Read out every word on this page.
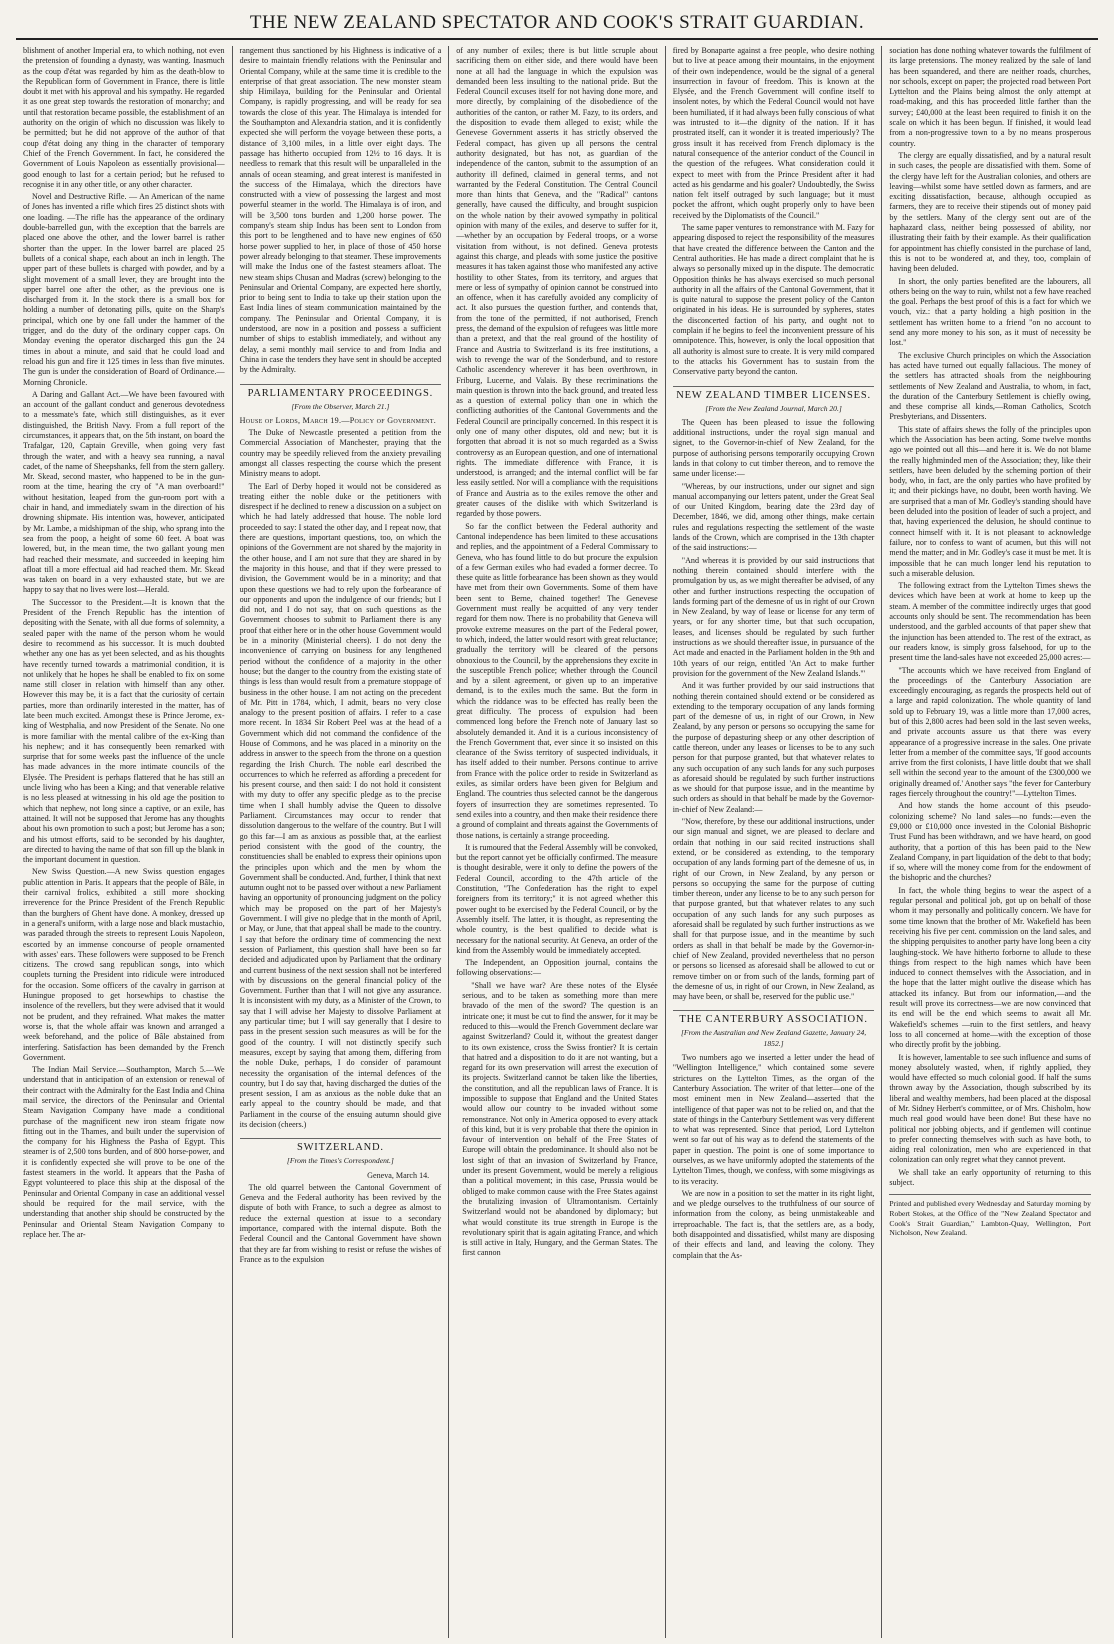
THE NEW ZEALAND SPECTATOR AND COOK'S STRAIT GUARDIAN.

blishment of another Imperial era, to which nothing, not even the pretension of founding a dynasty, was wanting. Inasmuch as the coup d'état was regarded by him as the death-blow to the Republican form of Government in France, there is little doubt it met with his approval and his sympathy. He regarded it as one great step towards the restoration of monarchy; and until that restoration became possible, the establishment of an authority on the origin of which no discussion was likely to be permitted; but he did not approve of the author of that coup d'état doing any thing in the character of temporary Chief of the French Government. In fact, he considered the Government of Louis Napoleon as essentially provisional—good enough to last for a certain period; but he refused to recognise it in any other title, or any other character.

Novel and Destructive Rifle. — An American of the name of Jones has invented a rifle which fires 25 distinct shots with one loading. —The rifle has the appearance of the ordinary double-barrelled gun, with the exception that the barrels are placed one above the other, and the lower barrel is rather shorter than the upper. In the lower barrel are placed 25 bullets of a conical shape, each about an inch in length. The upper part of these bullets is charged with powder, and by a slight movement of a small lever, they are brought into the upper barrel one after the other, as the previous one is discharged from it. In the stock there is a small box for holding a number of detonating pills, quite on the Sharp's principal, which one by one fall under the hammer of the trigger, and do the duty of the ordinary copper caps. On Monday evening the operator discharged this gun the 24 times in about a minute, and said that he could load and reload his gun and fire it 125 times in less than five minutes. The gun is under the consideration of Board of Ordinance.—Morning Chronicle.

A Daring and Gallant Act.—We have been favoured with an account of the gallant conduct and generous devotedness to a messmate's fate, which still distinguishes, as it ever distinguished, the British Navy. From a full report of the circumstances, it appears that, on the 5th instant, on board the Trafalgar, 120, Captain Greville, when going very fast through the water, and with a heavy sea running, a naval cadet, of the name of Sheepshanks, fell from the stern gallery. Mr. Skead, second master, who happened to be in the gun-room at the time, hearing the cry of "A man overboard!" without hesitation, leaped from the gun-room port with a chair in hand, and immediately swam in the direction of his drowning shipmate. His intention was, however, anticipated by Mr. Lambe, a midshipman of the ship, who sprang into the sea from the poop, a height of some 60 feet. A boat was lowered, but, in the mean time, the two gallant young men had reached their messmate, and succeeded in keeping him afloat till a more effectual aid had reached them. Mr. Skead was taken on board in a very exhausted state, but we are happy to say that no lives were lost—Herald.

The Successor to the President.—It is known that the President of the French Republic has the intention of depositing with the Senate, with all due forms of solemnity, a sealed paper with the name of the person whom he would desire to recommend as his successor. It is much doubted whether any one has as yet been selected, and as his thoughts have recently turned towards a matrimonial condition, it is not unlikely that he hopes he shall be enabled to fix on some name still closer in relation with himself than any other. However this may be, it is a fact that the curiosity of certain parties, more than ordinarily interested in the matter, has of late been much excited. Amongst these is Prince Jerome, ex-king of Westphalia, and now President of the Senate. No one is more familiar with the mental calibre of the ex-King than his nephew; and it has consequently been remarked with surprise that for some weeks past the influence of the uncle has made advances in the more intimate councils of the Elysée. The President is perhaps flattered that he has still an uncle living who has been a King; and that venerable relative is no less pleased at witnessing in his old age the position to which that nephew, not long since a captive, or an exile, has attained. It will not be supposed that Jerome has any thoughts about his own promotion to such a post; but Jerome has a son; and his utmost efforts, said to be seconded by his daughter, are directed to having the name of that son fill up the blank in the important document in question.

New Swiss Question.—A new Swiss question engages public attention in Paris. It appears that the people of Bâle, in their carnival frolics, exhibited a still more shocking irreverence for the Prince President of the French Republic than the burghers of Ghent have done. A monkey, dressed up in a general's uniform, with a large nose and black mustachio, was paraded through the streets to represent Louis Napoleon, escorted by an immense concourse of people ornamented with asses' ears. These followers were supposed to be French citizens. The crowd sang republican songs, into which couplets turning the President into ridicule were introduced for the occasion. Some officers of the cavalry in garrison at Huningue proposed to get horsewhips to chastise the insolence of the revellers, but they were advised that it would not be prudent, and they refrained. What makes the matter worse is, that the whole affair was known and arranged a week beforehand, and the police of Bâle abstained from interfering. Satisfaction has been demanded by the French Government.

The Indian Mail Service.—Southampton, March 5.—We understand that in anticipation of an extension or renewal of their contract with the Admiralty for the East India and China mail service, the directors of the Peninsular and Oriental Steam Navigation Company have made a conditional purchase of the magnificent new iron steam frigate now fitting out in the Thames, and built under the supervision of the company for his Highness the Pasha of Egypt. This steamer is of 2,500 tons burden, and of 800 horse-power, and it is confidently expected she will prove to be one of the fastest steamers in the world. It appears that the Pasha of Egypt volunteered to place this ship at the disposal of the Peninsular and Oriental Company in case an additional vessel should be required for the mail service, with the understanding that another ship should be constructed by the Peninsular and Oriental Steam Navigation Company to replace her. The ar-

rangement thus sanctioned by his Highness is indicative of a desire to maintain friendly relations with the Peninsular and Oriental Company, while at the same time it is credible to the enterprise of that great association. The new monster steam ship Himilaya, building for the Peninsular and Oriental Company, is rapidly progressing, and will be ready for sea towards the close of this year. The Himalaya is intended for the Southampton and Alexandria station, and it is confidently expected she will perform the voyage between these ports, a distance of 3,100 miles, in a little over eight days. The passage has hitherto occupied from 12½ to 16 days. It is needless to remark that this result will be unparalleled in the annals of ocean steaming, and great interest is manifested in the success of the Himalaya, which the directors have constructed with a view of possessing the largest and most powerful steamer in the world. The Himalaya is of iron, and will be 3,500 tons burden and 1,200 horse power. The company's steam ship Indus has been sent to London from this port to be lengthened and to have new engines of 650 horse power supplied to her, in place of those of 450 horse power already belonging to that steamer. These improvements will make the Indus one of the fastest steamers afloat. The new steam ships Chusan and Madras (screw) belonging to the Peninsular and Oriental Company, are expected here shortly, prior to being sent to India to take up their station upon the East India lines of steam communication maintained by the company. The Peninsular and Oriental Company, it is understood, are now in a position and possess a sufficient number of ships to establish immediately, and without any delay, a semi monthly mail service to and from India and China in case the tenders they have sent in should be accepted by the Admiralty.

PARLIAMENTARY PROCEEDINGS.

[From the Observer, March 21.]

House of Lords, March 19.—Policy of Government.

The Duke of Newcastle presented a petition from the Commercial Association of Manchester, praying that the country may be speedily relieved from the anxiety prevailing amongst all classes respecting the course which the present Ministry means to adopt.

The Earl of Derby hoped it would not be considered as treating either the noble duke or the petitioners with disrespect if he declined to renew a discussion on a subject on which he had lately addressed that house. The noble lord proceeded to say: I stated the other day, and I repeat now, that there are questions, important questions, too, on which the opinions of the Government are not shared by the majority in the other house, and I am not sure that they are shared in by the majority in this house, and that if they were pressed to division, the Government would be in a minority; and that upon these questions we had to rely upon the forbearance of our opponents and upon the indulgence of our friends; but I did not, and I do not say, that on such questions as the Government chooses to submit to Parliament there is any proof that either here or in the other house Government would be in a minority (Ministerial cheers). I do not deny the inconvenience of carrying on business for any lengthened period without the confidence of a majority in the other house; but the danger to the country from the existing state of things is less than would result from a premature stoppage of business in the other house. I am not acting on the precedent of Mr. Pitt in 1784, which, I admit, bears no very close analogy to the present position of affairs. I refer to a case more recent. In 1834 Sir Robert Peel was at the head of a Government which did not command the confidence of the House of Commons, and he was placed in a minority on the address in answer to the speech from the throne on a question regarding the Irish Church. The noble earl described the occurrences to which he referred as affording a precedent for his present course, and then said: I do not hold it consistent with my duty to offer any specific pledge as to the precise time when I shall humbly advise the Queen to dissolve Parliament. Circumstances may occur to render that dissolution dangerous to the welfare of the country. But I will go this far—I am as anxious as possible that, at the earliest period consistent with the good of the country, the constituencies shall be enabled to express their opinions upon the principles upon which and the men by whom the Government shall be conducted. And, further, I think that next autumn ought not to be passed over without a new Parliament having an opportunity of pronouncing judgment on the policy which may be proposed on the part of her Majesty's Government. I will give no pledge that in the month of April, or May, or June, that that appeal shall be made to the country. I say that before the ordinary time of commencing the next session of Parliament, this question shall have been so far decided and adjudicated upon by Parliament that the ordinary and current business of the next session shall not be interfered with by discussions on the general financial policy of the Government. Further than that I will not give any assurance. It is inconsistent with my duty, as a Minister of the Crown, to say that I will advise her Majesty to dissolve Parliament at any particular time; but I will say generally that I desire to pass in the present session such measures as will be for the good of the country. I will not distinctly specify such measures, except by saying that among them, differing from the noble Duke, perhaps, I do consider of paramount necessity the organisation of the internal defences of the country, but I do say that, having discharged the duties of the present session, I am as anxious as the noble duke that an early appeal to the country should be made, and that Parliament in the course of the ensuing autumn should give its decision (cheers.)

SWITZERLAND.

[From the Times's Correspondent.]

Geneva, March 14.

The old quarrel between the Cantonal Government of Geneva and the Federal authority has been revived by the dispute of both with France, to such a degree as almost to reduce the external question at issue to a secondary importance, compared with the internal dispute. Both the Federal Council and the Cantonal Government have shown that they are far from wishing to resist or refuse the wishes of France as to the expulsion

of any number of exiles; there is but little scruple about sacrificing them on either side, and there would have been none at all had the language in which the expulsion was demanded been less insulting to the national pride. But the Federal Council excuses itself for not having done more, and more directly, by complaining of the disobedience of the authorities of the canton, or rather M. Fazy, to its orders, and the disposition to evade them alleged to exist; while the Genevese Government asserts it has strictly observed the Federal compact, has given up all persons the central authority designated, but has not, as guardian of the independence of the canton, submit to the assumption of an authority ill defined, claimed in general terms, and not warranted by the Federal Constitution. The Central Council more than hints that Geneva, and the "Radical" cantons generally, have caused the difficulty, and brought suspicion on the whole nation by their avowed sympathy in political opinion with many of the exiles, and deserve to suffer for it,—whether by an occupation by Federal troops, or a worse visitation from without, is not defined. Geneva protests against this charge, and pleads with some justice the positive measures it has taken against those who manifested any active hostility to other States, from its territory, and argues that mere or less of sympathy of opinion cannot be construed into an offence, when it has carefully avoided any complicity of act. It also pursues the question further, and contends that, from the tone of the permitted, if not authorised, French press, the demand of the expulsion of refugees was little more than a pretext, and that the real ground of the hostility of France and Austria to Switzerland is its free institutions, a wish to revenge the war of the Sonderbund, and to restore Catholic ascendency wherever it has been overthrown, in Friburg, Lucerne, and Valais. By these recriminations the main question is thrown into the back ground, and treated less as a question of external policy than one in which the conflicting authorities of the Cantonal Governments and the Federal Council are principally concerned. In this respect it is only one of many other disputes, old and new; but it is forgotten that abroad it is not so much regarded as a Swiss controversy as an European question, and one of international rights. The immediate difference with France, it is understood, is arranged; and the internal conflict will be far less easily settled. Nor will a compliance with the requisitions of France and Austria as to the exiles remove the other and greater causes of the dislike with which Switzerland is regarded by those powers.

So far the conflict between the Federal authority and Cantonal independence has been limited to these accusations and replies, and the appointment of a Federal Commissary to Geneva, who has found little to do but procure the expulsion of a few German exiles who had evaded a former decree. To these quite as little forbearance has been shown as they would have met from their own Governments. Some of them have been sent to Berne, chained together! The Genevese Government must really be acquitted of any very tender regard for them now. There is no probability that Geneva will provoke extreme measures on the part of the Federal power, to which, indeed, the latter would resort with great reluctance; gradually the territory will be cleared of the persons obnoxious to the Council, by the apprehensions they excite in the susceptible French police; whether through the Council and by a silent agreement, or given up to an imperative demand, is to the exiles much the same. But the form in which the riddance was to be effected has really been the great difficulty. The process of expulsion had been commenced long before the French note of January last so absolutely demanded it. And it is a curious inconsistency of the French Government that, ever since it so insisted on this clearance of the Swiss territory of suspected individuals, it has itself added to their number. Persons continue to arrive from France with the police order to reside in Switzerland as exiles, as similar orders have been given for Belgium and England. The countries thus selected cannot be the dangerous foyers of insurrection they are sometimes represented. To send exiles into a country, and then make their residence there a ground of complaint and threats against the Governments of those nations, is certainly a strange proceeding.

It is rumoured that the Federal Assembly will be convoked, but the report cannot yet be officially confirmed. The measure is thought desirable, were it only to define the powers of the Federal Council, according to the 47th article of the Constitution, "The Confederation has the right to expel foreigners from its territory;" it is not agreed whether this power ought to be exercised by the Federal Council, or by the Assembly itself. The latter, it is thought, as representing the whole country, is the best qualified to decide what is necessary for the national security. At Geneva, an order of the kind from the Assembly would be immediately accepted.

The Independent, an Opposition journal, contains the following observations:—

"Shall we have war? Are these notes of the Elysée serious, and to be taken as something more than mere bravado of the men of the sword? The question is an intricate one; it must be cut to find the answer, for it may be reduced to this—would the French Government declare war against Switzerland? Could it, without the greatest danger to its own existence, cross the Swiss frontier? It is certain that hatred and a disposition to do it are not wanting, but a regard for its own preservation will arrest the execution of its projects. Switzerland cannot be taken like the liberties, the constitution, and all the republican laws of France. It is impossible to suppose that England and the United States would allow our country to be invaded without some remonstrance. Not only in America opposed to every attack of this kind, but it is very probable that there the opinion in favour of intervention on behalf of the Free States of Europe will obtain the predominance. It should also not be lost sight of that an invasion of Switzerland by France, under its present Government, would be merely a religious than a political movement; in this case, Prussia would be obliged to make common cause with the Free States against the brutalizing invasion of Ultramontanism. Certainly Switzerland would not be abandoned by diplomacy; but what would constitute its true strength in Europe is the revolutionary spirit that is again agitating France, and which is still active in Italy, Hungary, and the German States. The first cannon

fired by Bonaparte against a free people, who desire nothing but to live at peace among their mountains, in the enjoyment of their own independence, would be the signal of a general insurrection in favour of freedom. This is known at the Elysée, and the French Government will confine itself to insolent notes, by which the Federal Council would not have been humiliated, if it had always been fully conscious of what was intrusted to it—the dignity of the nation. If it has prostrated itself, can it wonder it is treated imperiously? The gross insult it has received from French diplomacy is the natural consequence of the anterior conduct of the Council in the question of the refugees. What consideration could it expect to meet with from the Prince President after it had acted as his gendarme and his goaler? Undoubtedly, the Swiss nation felt itself outraged by such language; but it must pocket the affront, which ought properly only to have been received by the Diplomatists of the Council."

The same paper ventures to remonstrance with M. Fazy for appearing disposed to reject the responsibility of the measures that have created the difference between the Canton and the Central authorities. He has made a direct complaint that he is always so personally mixed up in the dispute. The democratic Opposition thinks he has always exercised so much personal authority in all the affairs of the Cantonal Government, that it is quite natural to suppose the present policy of the Canton originated in his ideas. He is surrounded by sypheres, states the disconcerted faction of his party, and ought not to complain if he begins to feel the inconvenient pressure of his omnipotence. This, however, is only the local opposition that all authority is almost sure to create. It is very mild compared to the attacks his Government has to sustain from the Conservative party beyond the canton.

NEW ZEALAND TIMBER LICENSES.

[From the New Zealand Journal, March 20.]

The Queen has been pleased to issue the following additional instructions, under the royal sign manual and signet, to the Governor-in-chief of New Zealand, for the purpose of authorising persons temporarily occupying Crown lands in that colony to cut timber thereon, and to remove the same under license:—

"Whereas, by our instructions, under our signet and sign manual accompanying our letters patent, under the Great Seal of our United Kingdom, bearing date the 23rd day of December, 1846, we did, among other things, make certain rules and regulations respecting the settlement of the waste lands of the Crown, which are comprised in the 13th chapter of the said instructions:—

"And whereas it is provided by our said instructions that nothing therein contained should interfere with the promulgation by us, as we might thereafter be advised, of any other and further instructions respecting the occupation of lands forming part of the demesne of us in right of our Crown in New Zealand, by way of lease or license for any term of years, or for any shorter time, but that such occupation, leases, and licenses should be regulated by such further instructions as we should thereafter issue, in pursuance of the Act made and enacted in the Parliament holden in the 9th and 10th years of our reign, entitled 'An Act to make further provision for the government of the New Zealand Islands.'"

And it was further provided by our said instructions that nothing therein contained should extend or be considered as extending to the temporary occupation of any lands forming part of the demesne of us, in right of our Crown, in New Zealand, by any person or persons so occupying the same for the purpose of depasturing sheep or any other description of cattle thereon, under any leases or licenses to be to any such person for that purpose granted, but that whatever relates to any such occupation of any such lands for any such purposes as aforesaid should be regulated by such further instructions as we should for that purpose issue, and in the meantime by such orders as should in that behalf be made by the Governor-in-chief of New Zealand:—

"Now, therefore, by these our additional instructions, under our sign manual and signet, we are pleased to declare and ordain that nothing in our said recited instructions shall extend, or be considered as extending, to the temporary occupation of any lands forming part of the demesne of us, in right of our Crown, in New Zealand, by any person or persons so occupying the same for the purpose of cutting timber thereon, under any license to be to any such person for that purpose granted, but that whatever relates to any such occupation of any such lands for any such purposes as aforesaid shall be regulated by such further instructions as we shall for that purpose issue, and in the meantime by such orders as shall in that behalf be made by the Governor-in-chief of New Zealand, provided nevertheless that no person or persons so licensed as aforesaid shall be allowed to cut or remove timber on or from such of the lands, forming part of the demesne of us, in right of our Crown, in New Zealand, as may have been, or shall be, reserved for the public use."

THE CANTERBURY ASSOCIATION.

[From the Australian and New Zealand Gazette, January 24, 1852.]

Two numbers ago we inserted a letter under the head of "Wellington Intelligence," which contained some severe strictures on the Lyttelton Times, as the organ of the Canterbury Association. The writer of that letter—one of the most eminent men in New Zealand—asserted that the intelligence of that paper was not to be relied on, and that the state of things in the Canterbury Settlement was very different to what was represented. Since that period, Lord Lyttelton went so far out of his way as to defend the statements of the paper in question. The point is one of some importance to ourselves, as we have uniformly adopted the statements of the Lyttelton Times, though, we confess, with some misgivings as to its veracity.

We are now in a position to set the matter in its right light, and we pledge ourselves to the truthfulness of our source of information from the colony, as being unmistakeable and irreproachable. The fact is, that the settlers are, as a body, both disappointed and dissatisfied, whilst many are disposing of their effects and land, and leaving the colony. They complain that the As-

sociation has done nothing whatever towards the fulfilment of its large pretensions. The money realized by the sale of land has been squandered, and there are neither roads, churches, nor schools, except on paper; the projected road between Port Lyttelton and the Plains being almost the only attempt at road-making, and this has proceeded little farther than the survey; £40,000 at the least been required to finish it on the scale on which it has been begun. If finished, it would lead from a non-progressive town to a by no means prosperous country.

The clergy are equally dissatisfied, and by a natural result in such cases, the people are dissatisfied with them. Some of the clergy have left for the Australian colonies, and others are leaving—whilst some have settled down as farmers, and are exciting dissatisfaction, because, although occupied as farmers, they are to receive their stipends out of money paid by the settlers. Many of the clergy sent out are of the haphazard class, neither being possessed of ability, nor illustrating their faith by their example. As their qualification for appointment has chiefly consisted in the purchase of land, this is not to be wondered at, and they, too, complain of having been deluded.

In short, the only parties benefited are the labourers, all others being on the way to ruin, whilst not a few have reached the goal. Perhaps the best proof of this is a fact for which we vouch, viz.: that a party holding a high position in the settlement has written home to a friend "on no account to send any more money to his son, as it must of necessity be lost."

The exclusive Church principles on which the Association has acted have turned out equally fallacious. The money of the settlers has attracted shoals from the neighbouring settlements of New Zealand and Australia, to whom, in fact, the duration of the Canterbury Settlement is chiefly owing, and these comprise all kinds,—Roman Catholics, Scotch Presbyterians, and Dissenters.

This state of affairs shews the folly of the principles upon which the Association has been acting. Some twelve months ago we pointed out all this—and here it is. We do not blame the really highminded men of the Association; they, like their settlers, have been deluded by the scheming portion of their body, who, in fact, are the only parties who have profited by it; and their pickings have, no doubt, been worth having. We are surprised that a man of Mr. Godley's standing should have been deluded into the position of leader of such a project, and that, having experienced the delusion, he should continue to connect himself with it. It is not pleasant to acknowledge failure, nor to confess to want of acumen, but this will not mend the matter; and in Mr. Godley's case it must be met. It is impossible that he can much longer lend his reputation to such a miserable delusion.

The following extract from the Lyttelton Times shews the devices which have been at work at home to keep up the steam. A member of the committee indirectly urges that good accounts only should be sent. The recommendation has been understood, and the garbled accounts of that paper shew that the injunction has been attended to. The rest of the extract, as our readers know, is simply gross falsehood, for up to the present time the land-sales have not exceeded 25,000 acres:—

"The accounts which we have received from England of the proceedings of the Canterbury Association are exceedingly encouraging, as regards the prospects held out of a large and rapid colonization. The whole quantity of land sold up to February 19, was a little more than 17,000 acres, but of this 2,800 acres had been sold in the last seven weeks, and private accounts assure us that there was every appearance of a progressive increase in the sales. One private letter from a member of the committee says, 'If good accounts arrive from the first colonists, I have little doubt that we shall sell within the second year to the amount of the £300,000 we originally dreamed of.' Another says "the fever for Canterbury rages fiercely throughout the country!"—Lyttelton Times.

And how stands the home account of this pseudo-colonizing scheme? No land sales—no funds:—even the £9,000 or £10,000 once invested in the Colonial Bishopric Trust Fund has been withdrawn, and we have heard, on good authority, that a portion of this has been paid to the New Zealand Company, in part liquidation of the debt to that body; if so, where will the money come from for the endowment of the bishopric and the churches?

In fact, the whole thing begins to wear the aspect of a regular personal and political job, got up on behalf of those whom it may personally and politically concern. We have for some time known that the brother of Mr. Wakefield has been receiving his five per cent. commission on the land sales, and the shipping perquisites to another party have long been a city laughing-stock. We have hitherto forborne to allude to these things from respect to the high names which have been induced to connect themselves with the Association, and in the hope that the latter might outlive the disease which has attacked its infancy. But from our information,—and the result will prove its correctness—we are now convinced that its end will be the end which seems to await all Mr. Wakefield's schemes —ruin to the first settlers, and heavy loss to all concerned at home—with the exception of those who directly profit by the jobbing.

It is however, lamentable to see such influence and sums of money absolutely wasted, when, if rightly applied, they would have effected so much colonial good. If half the sums thrown away by the Association, though subscribed by its liberal and wealthy members, had been placed at the disposal of Mr. Sidney Herbert's committee, or of Mrs. Chisholm, how much real good would have been done! But these have no political nor jobbing objects, and if gentlemen will continue to prefer connecting themselves with such as have both, to aiding real colonization, men who are experienced in that colonization can only regret what they cannot prevent.

We shall take an early opportunity of returning to this subject.

Printed and published every Wednesday and Saturday morning by Robert Stokes, at the Office of the "New Zealand Spectator and Cook's Strait Guardian," Lambton-Quay, Wellington, Port Nicholson, New Zealand.
